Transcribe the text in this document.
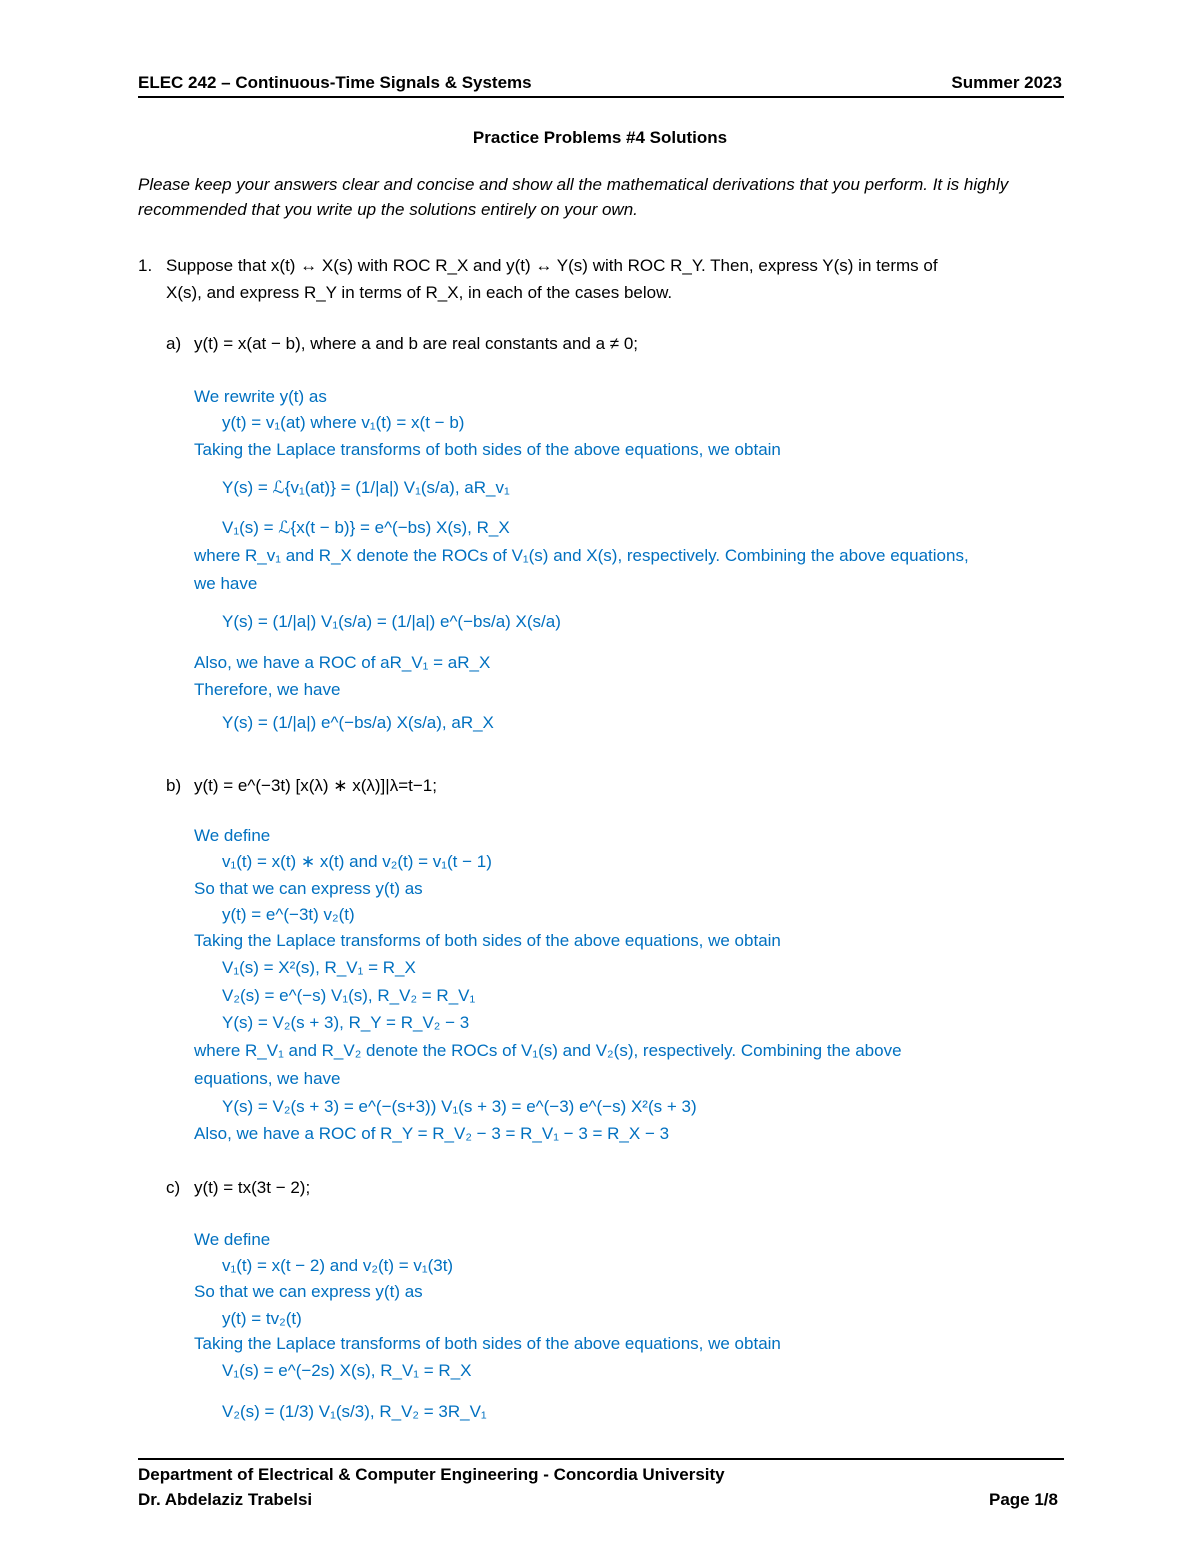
ELEC 242 – Continuous-Time Signals & Systems	Summer 2023
Practice Problems #4 Solutions
Please keep your answers clear and concise and show all the mathematical derivations that you perform. It is highly
recommended that you write up the solutions entirely on your own.
1. Suppose that x(t) ↔ X(s) with ROC R_X and y(t) ↔ Y(s) with ROC R_Y. Then, express Y(s) in terms of
X(s), and express R_Y in terms of R_X, in each of the cases below.
a) y(t) = x(at − b), where a and b are real constants and a ≠ 0;
We rewrite y(t) as
y(t) = v₁(at) where v₁(t) = x(t − b)
Taking the Laplace transforms of both sides of the above equations, we obtain
Y(s) = ℒ{v₁(at)} = (1/|a|) V₁(s/a), aR_v₁
V₁(s) = ℒ{x(t − b)} = e^(−bs) X(s), R_X
where R_v₁ and R_X denote the ROCs of V₁(s) and X(s), respectively. Combining the above equations,
we have
Y(s) = (1/|a|) V₁(s/a) = (1/|a|) e^(−bs/a) X(s/a)
Also, we have a ROC of aR_V₁ = aR_X
Therefore, we have
Y(s) = (1/|a|) e^(−bs/a) X(s/a), aR_X
b) y(t) = e^(−3t) [x(λ) ∗ x(λ)]|λ=t−1;
We define
v₁(t) = x(t) ∗ x(t) and v₂(t) = v₁(t − 1)
So that we can express y(t) as
y(t) = e^(−3t) v₂(t)
Taking the Laplace transforms of both sides of the above equations, we obtain
V₁(s) = X²(s), R_V₁ = R_X
V₂(s) = e^(−s) V₁(s), R_V₂ = R_V₁
Y(s) = V₂(s + 3), R_Y = R_V₂ − 3
where R_V₁ and R_V₂ denote the ROCs of V₁(s) and V₂(s), respectively. Combining the above
equations, we have
Y(s) = V₂(s + 3) = e^(−(s+3)) V₁(s + 3) = e^(−3) e^(−s) X²(s + 3)
Also, we have a ROC of R_Y = R_V₂ − 3 = R_V₁ − 3 = R_X − 3
c) y(t) = tx(3t − 2);
We define
v₁(t) = x(t − 2) and v₂(t) = v₁(3t)
So that we can express y(t) as
y(t) = tv₂(t)
Taking the Laplace transforms of both sides of the above equations, we obtain
V₁(s) = e^(−2s) X(s), R_V₁ = R_X
V₂(s) = (1/3) V₁(s/3), R_V₂ = 3R_V₁
Department of Electrical & Computer Engineering - Concordia University
Dr. Abdelaziz Trabelsi	Page 1/8
